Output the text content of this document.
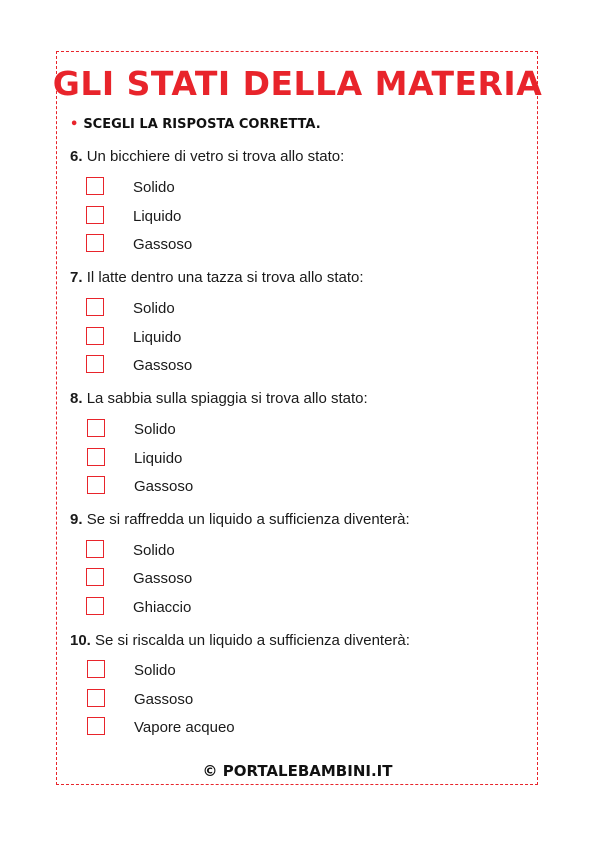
GLI STATI DELLA MATERIA
• SCEGLI LA RISPOSTA CORRETTA.
6. Un bicchiere di vetro si trova allo stato:
Solido
Liquido
Gassoso
7. Il latte dentro una tazza si trova allo stato:
Solido
Liquido
Gassoso
8. La sabbia sulla spiaggia si trova allo stato:
Solido
Liquido
Gassoso
9. Se si raffredda un liquido a sufficienza diventerà:
Solido
Gassoso
Ghiaccio
10. Se si riscalda un liquido a sufficienza diventerà:
Solido
Gassoso
Vapore acqueo
© PORTALEBAMBINI.IT
